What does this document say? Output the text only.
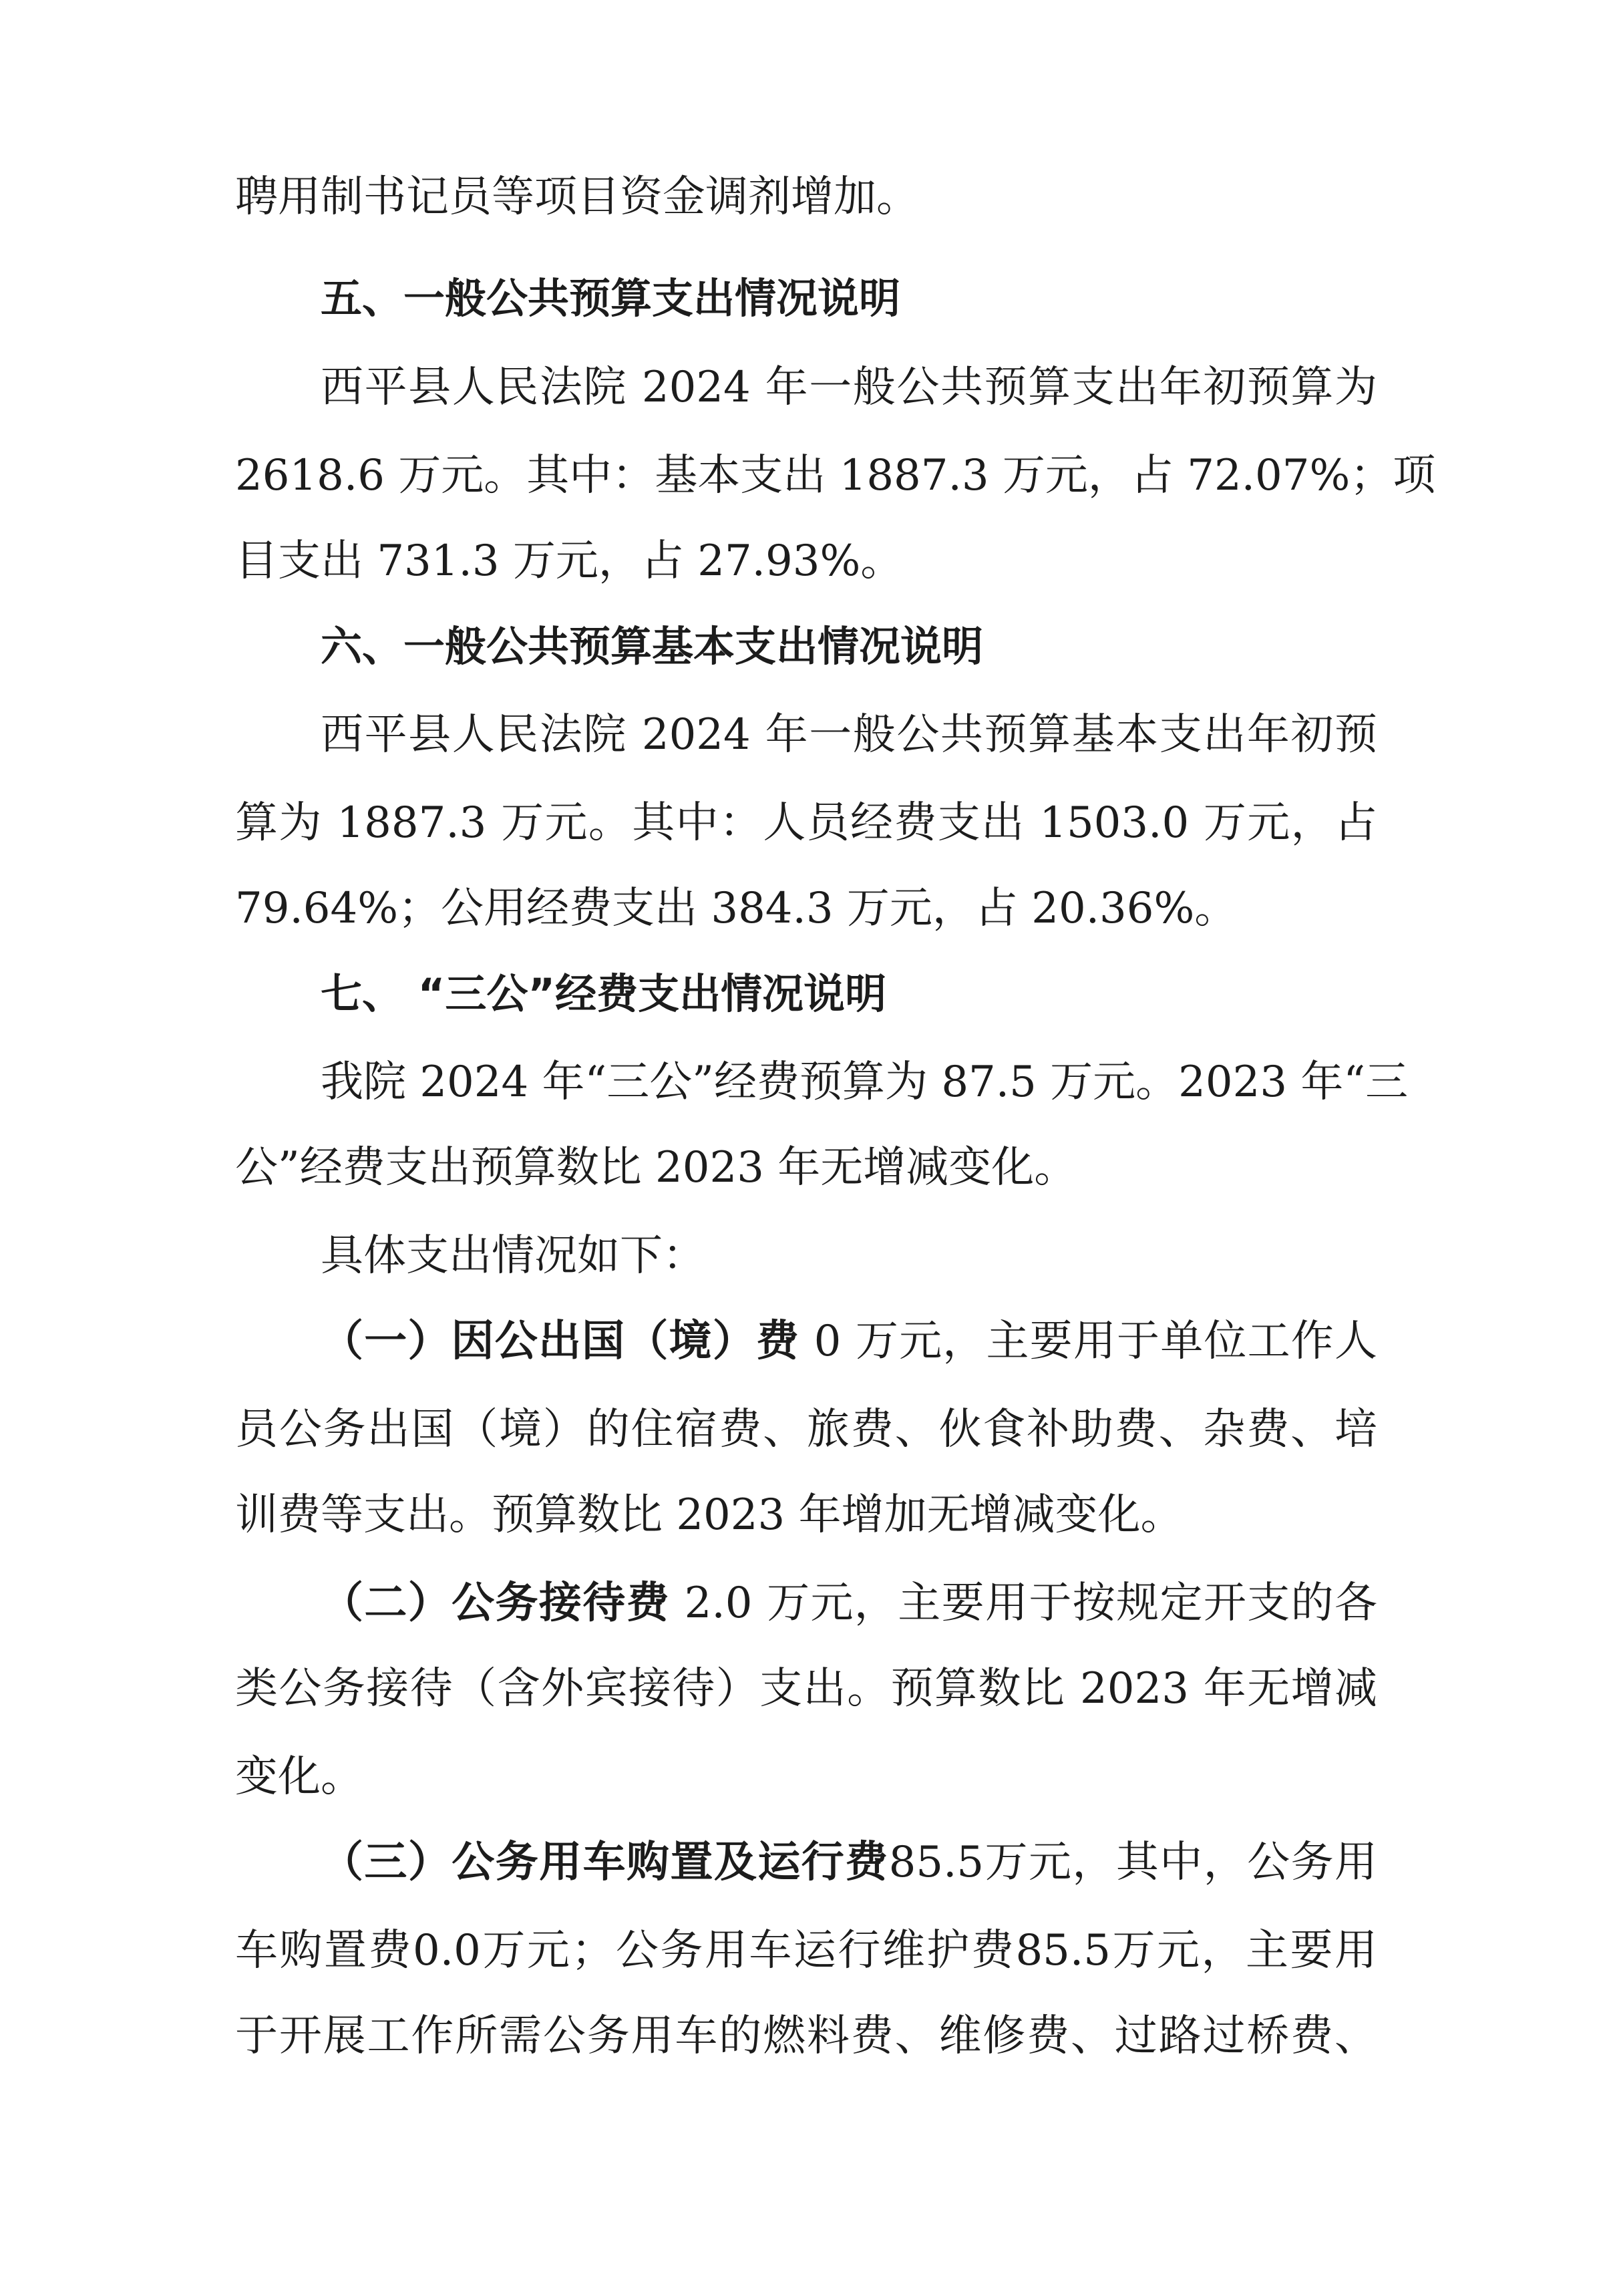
聘用制书记员等项目资金调剂增加。
五、一般公共预算支出情况说明
西平县人民法院 2024 年一般公共预算支出年初预算为
2618.6 万元。其中：基本支出 1887.3 万元，占 72.07%；项
目支出 731.3 万元，占 27.93%。
六、一般公共预算基本支出情况说明
西平县人民法院 2024 年一般公共预算基本支出年初预
算为 1887.3 万元。其中：人员经费支出 1503.0 万元，占
79.64%；公用经费支出 384.3 万元，占 20.36%。
七、 “三公”经费支出情况说明
我院 2024 年“三公”经费预算为 87.5 万元。2023 年“三
公”经费支出预算数比 2023 年无增减变化。
具体支出情况如下：
（一）因公出国（境）费 0 万元，主要用于单位工作人
员公务出国（境）的住宿费、旅费、伙食补助费、杂费、培
训费等支出。预算数比 2023 年增加无增减变化。
（二）公务接待费 2.0 万元，主要用于按规定开支的各
类公务接待（含外宾接待）支出。预算数比 2023 年无增减
变化。
（三）公务用车购置及运行费85.5万元，其中，公务用
车购置费0.0万元；公务用车运行维护费85.5万元，主要用
于开展工作所需公务用车的燃料费、维修费、过路过桥费、
